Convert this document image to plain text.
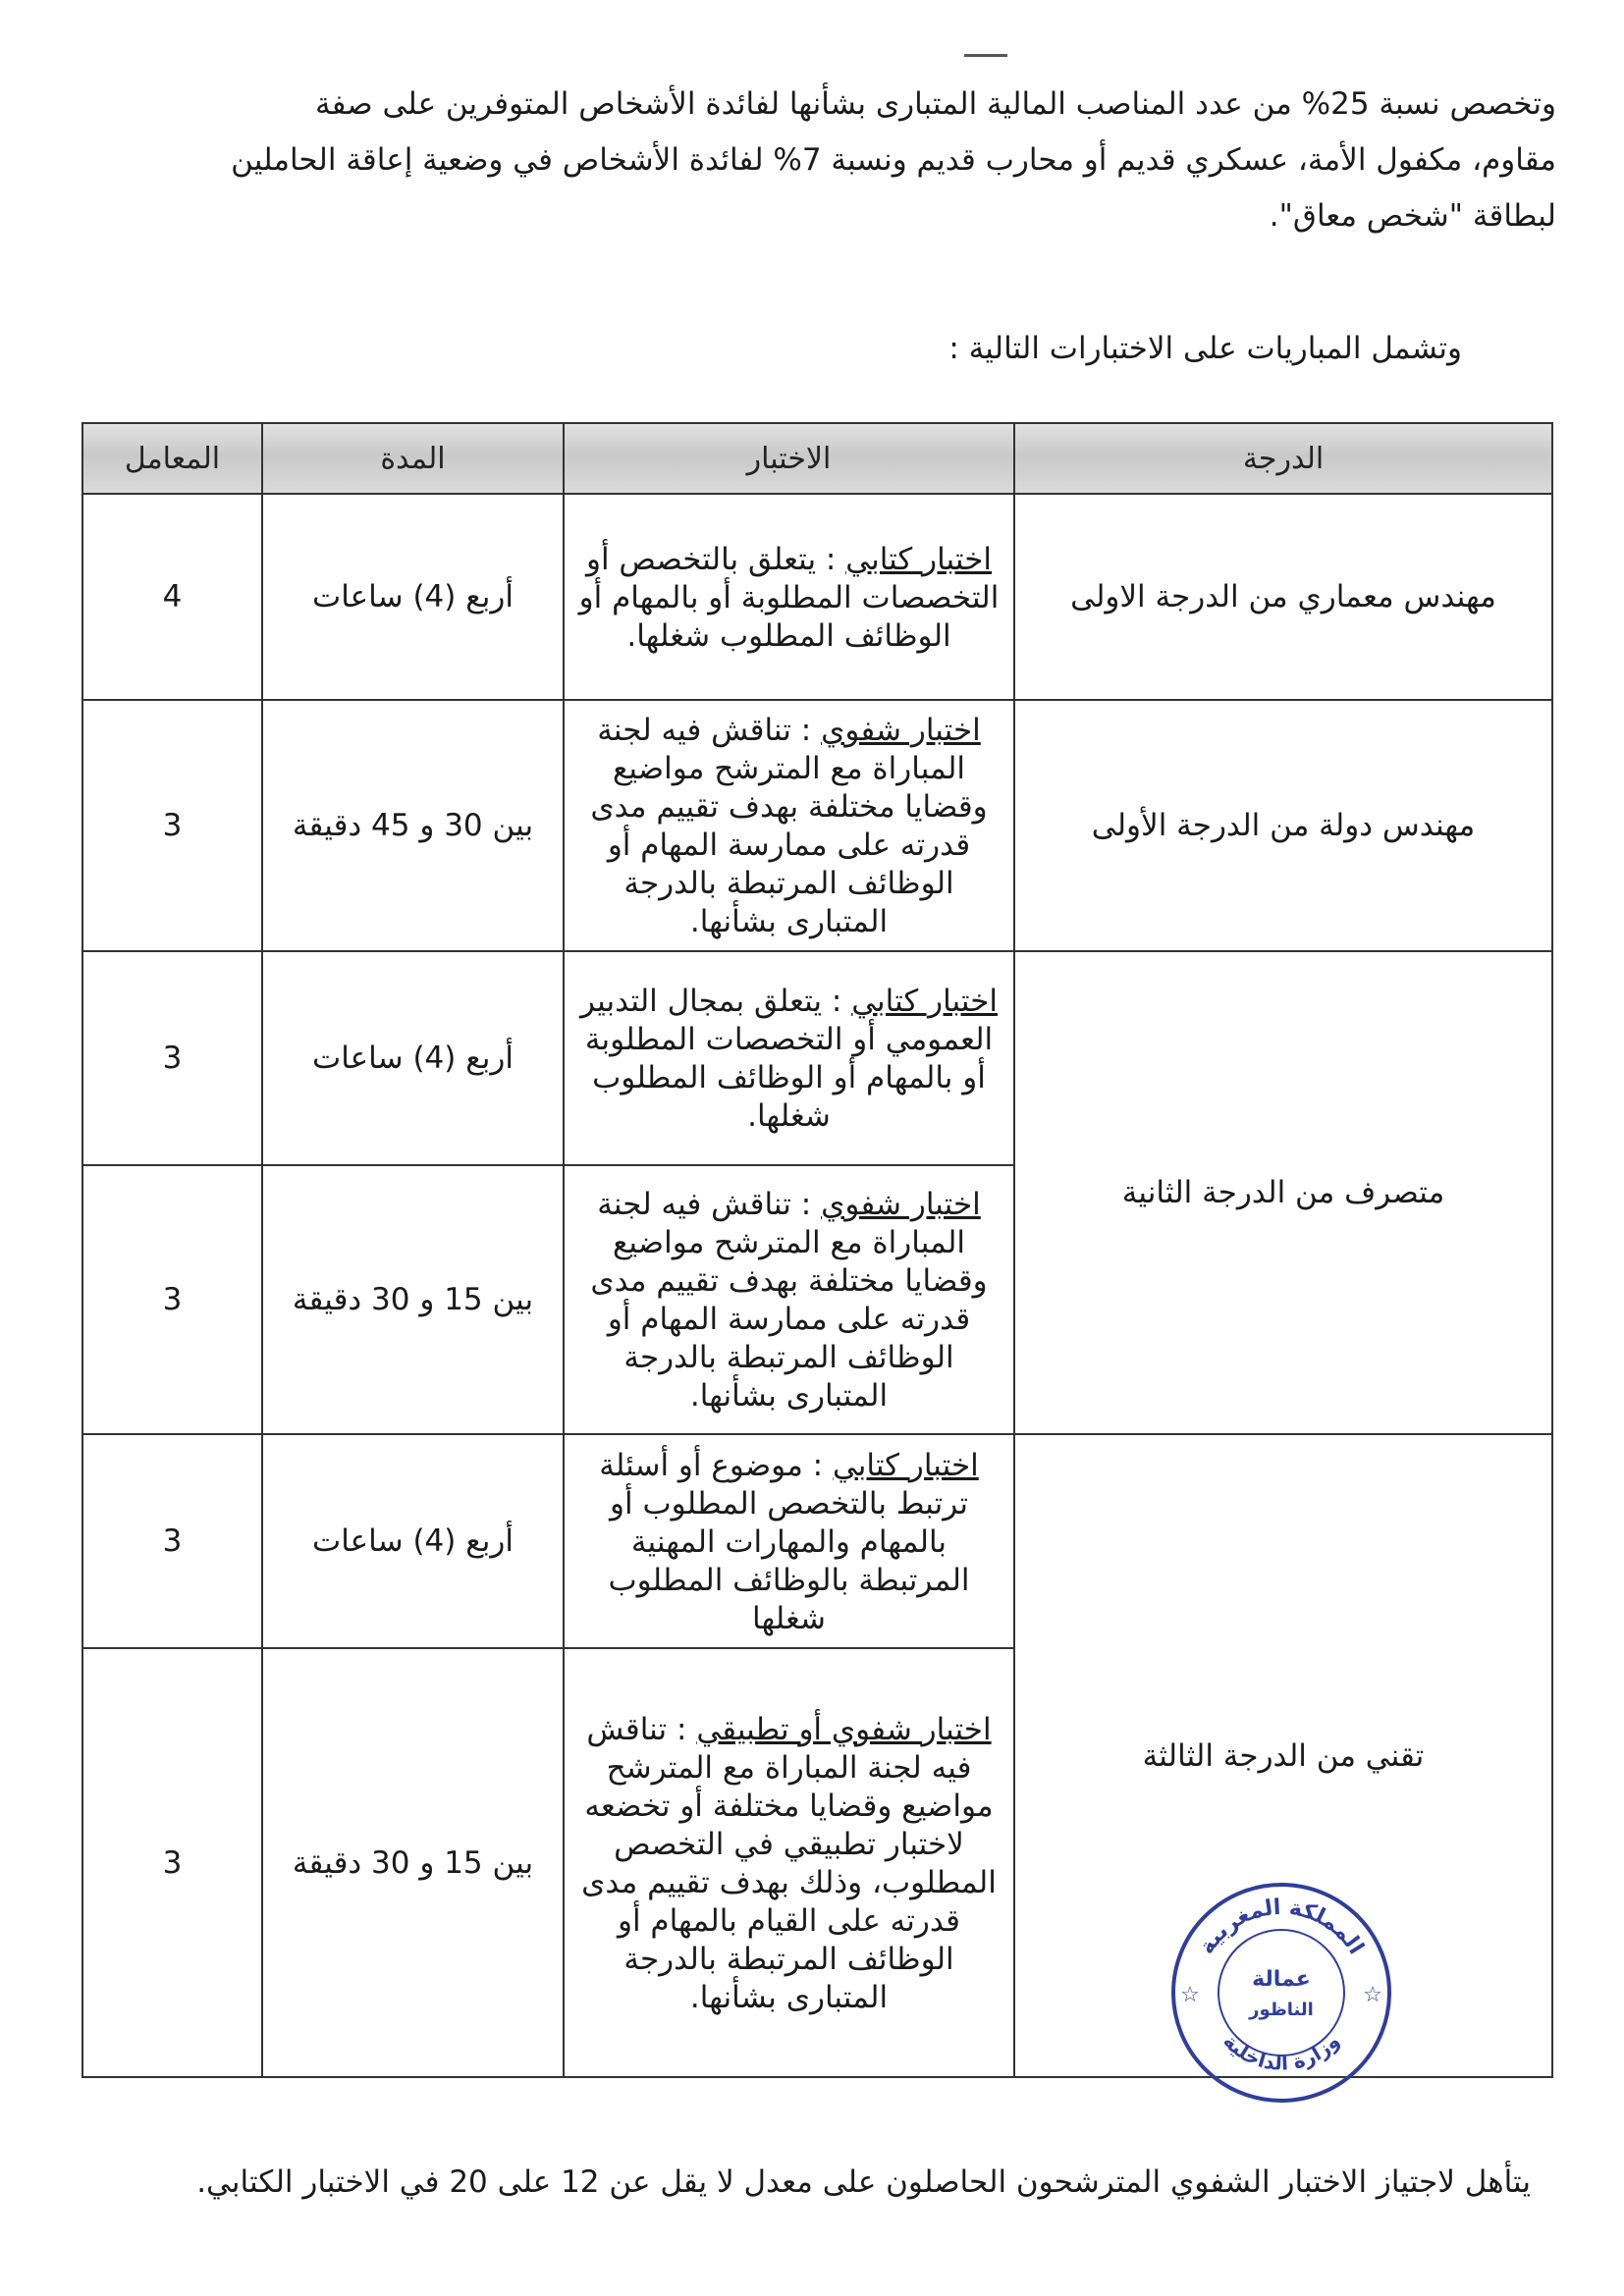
وتخصص نسبة 25% من عدد المناصب المالية المتبارى بشأنها لفائدة الأشخاص المتوفرين على صفة
مقاوم، مكفول الأمة، عسكري قديم أو محارب قديم ونسبة 7% لفائدة الأشخاص في وضعية إعاقة الحاملين
لبطاقة "شخص معاق".
وتشمل المباريات على الاختبارات التالية :
الدرجة	الاختبار	المدة	المعامل
مهندس معماري من الدرجة الاولى	اختبار كتابي : يتعلق بالتخصص أو التخصصات المطلوبة أو بالمهام أو الوظائف المطلوب شغلها.	أربع (4) ساعات	4
مهندس دولة من الدرجة الأولى	اختبار شفوي : تناقش فيه لجنة المباراة مع المترشح مواضيع وقضايا مختلفة بهدف تقييم مدى قدرته على ممارسة المهام أو الوظائف المرتبطة بالدرجة المتبارى بشأنها.	بين 30 و 45 دقيقة	3
متصرف من الدرجة الثانية	اختبار كتابي : يتعلق بمجال التدبير العمومي أو التخصصات المطلوبة أو بالمهام أو الوظائف المطلوب شغلها.	أربع (4) ساعات	3
	اختبار شفوي : تناقش فيه لجنة المباراة مع المترشح مواضيع وقضايا مختلفة بهدف تقييم مدى قدرته على ممارسة المهام أو الوظائف المرتبطة بالدرجة المتبارى بشأنها.	بين 15 و 30 دقيقة	3
تقني من الدرجة الثالثة	اختبار كتابي : موضوع أو أسئلة ترتبط بالتخصص المطلوب أو بالمهام والمهارات المهنية المرتبطة بالوظائف المطلوب شغلها	أربع (4) ساعات	3
	اختبار شفوي أو تطبيقي : تناقش فيه لجنة المباراة مع المترشح مواضيع وقضايا مختلفة أو تخضعه لاختبار تطبيقي في التخصص المطلوب، وذلك بهدف تقييم مدى قدرته على القيام بالمهام أو الوظائف المرتبطة بالدرجة المتبارى بشأنها.	بين 15 و 30 دقيقة	3
المملكة المغربية
وزارة الداخلية
عمالة
الناظور
☆	☆
يتأهل لاجتياز الاختبار الشفوي المترشحون الحاصلون على معدل لا يقل عن 12 على 20 في الاختبار الكتابي.
